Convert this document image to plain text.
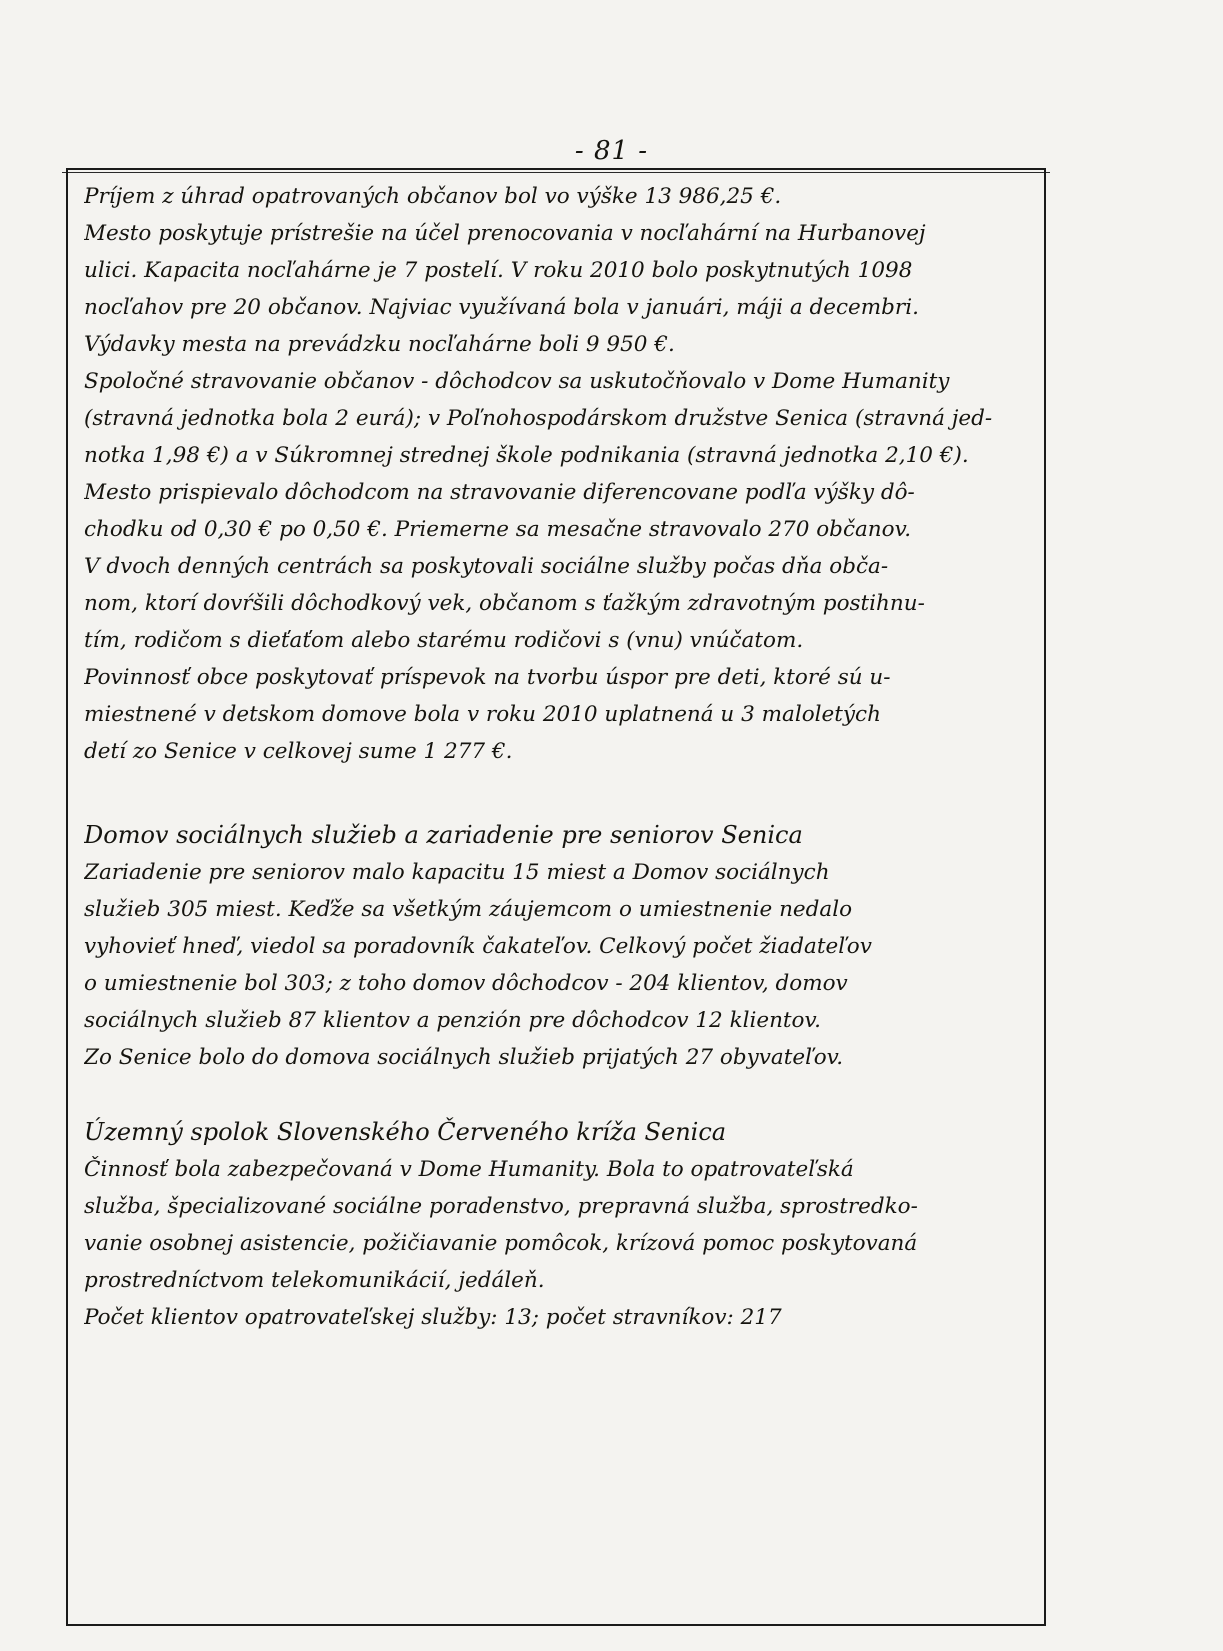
- 81 -
Príjem z úhrad opatrovaných občanov bol vo výške 13 986,25 €.
Mesto poskytuje prístrešie na účel prenocovania v nocľahární na Hurbanovej
ulici. Kapacita nocľahárne je 7 postelí. V roku 2010 bolo poskytnutých 1098
nocľahov pre 20 občanov. Najviac využívaná bola v januári, máji a decembri.
Výdavky mesta na prevádzku nocľahárne boli 9 950 €.
Spoločné stravovanie občanov - dôchodcov sa uskutočňovalo v Dome Humanity
(stravná jednotka bola 2 eurá); v Poľnohospodárskom družstve Senica (stravná jed-
notka 1,98 €) a v Súkromnej strednej škole podnikania (stravná jednotka 2,10 €).
Mesto prispievalo dôchodcom na stravovanie diferencovane podľa výšky dô-
chodku od 0,30 € po 0,50 €. Priemerne sa mesačne stravovalo 270 občanov.
V dvoch denných centrách sa poskytovali sociálne služby počas dňa obča-
nom, ktorí dovŕšili dôchodkový vek, občanom s ťažkým zdravotným postihnu-
tím, rodičom s dieťaťom alebo starému rodičovi s (vnu) vnúčatom.
Povinnosť obce poskytovať príspevok na tvorbu úspor pre deti, ktoré sú u-
miestnené v detskom domove bola v roku 2010 uplatnená u 3 maloletých
detí zo Senice v celkovej sume 1 277 €.
Domov sociálnych služieb a zariadenie pre seniorov Senica
Zariadenie pre seniorov malo kapacitu 15 miest a Domov sociálnych
služieb 305 miest. Keďže sa všetkým záujemcom o umiestnenie nedalo
vyhovieť hneď, viedol sa poradovník čakateľov. Celkový počet žiadateľov
o umiestnenie bol 303; z toho domov dôchodcov - 204 klientov, domov
sociálnych služieb 87 klientov a penzión pre dôchodcov 12 klientov.
Zo Senice bolo do domova sociálnych služieb prijatých 27 obyvateľov.
Územný spolok Slovenského Červeného kríža Senica
Činnosť bola zabezpečovaná v Dome Humanity. Bola to opatrovateľská
služba, špecializované sociálne poradenstvo, prepravná služba, sprostredko-
vanie osobnej asistencie, požičiavanie pomôcok, krízová pomoc poskytovaná
prostredníctvom telekomunikácií, jedáleň.
Počet klientov opatrovateľskej služby: 13; počet stravníkov: 217
